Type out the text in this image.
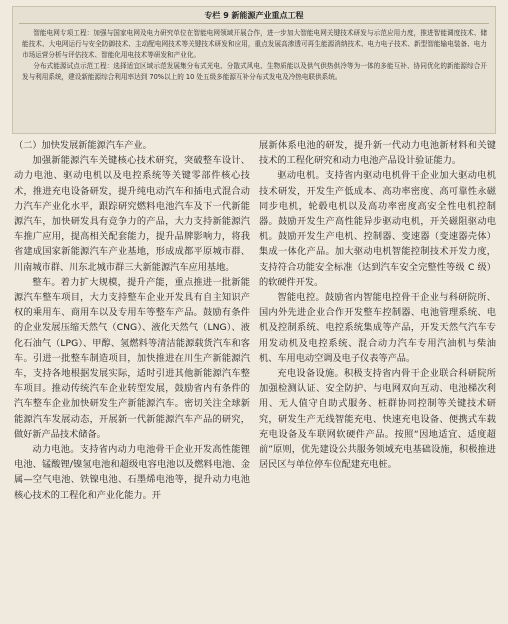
专栏 9 新能源产业重点工程

智能电网专项工程：加强与国家电网及电力研究单位在智能电网领域开展合作，进一步加大智能电网关键技术研发与示范应用力度，推进智能调度技术、储能技术、大电网运行与安全防御技术、主动配电网技术等关键技术研发和应用，重点发展高渗透可再生能源消纳技术、电力电子技术、新型智能输电装备、电力市场运营分析与评估技术、智能化用电技术等研发和产业化。

分布式能源试点示范工程：选择适宜区域示范发展集分布式光电、分散式风电、生物质能以及供气供热供冷等为一体的多能互补、协同优化的新能源综合开发与利用系统，建设新能源综合利用率达到 70%以上的 10 处五级多能源互补分布式发电及冷热电联供系统。

（二）加快发展新能源汽车产业。

加强新能源汽车关键核心技术研究，突破整车设计、动力电池、驱动电机以及电控系统等关键零部件核心技术，推进充电设备研发，提升纯电动汽车和插电式混合动力汽车产业化水平，跟踪研究燃料电池汽车及下一代新能源汽车，加快研发具有竞争力的产品，大力支持新能源汽车推广应用，提高相关配套能力，提升品牌影响力，将我省建成国家新能源汽车产业基地，形成成都平原城市群、川南城市群、川东北城市群三大新能源汽车应用基地。

整车。着力扩大规模，提升产能，重点推进一批新能源汽车整车项目，大力支持整车企业开发具有自主知识产权的乘用车、商用车以及专用车等整车产品。鼓励有条件的企业发展压缩天然气（CNG）、液化天然气（LNG）、液化石油气（LPG）、甲醇、氢燃料等清洁能源载货汽车和客车。引进一批整车制造项目，加快推进在川生产新能源汽车，支持各地根据发展实际，适时引进其他新能源汽车整车项目。推动传统汽车企业转型发展，鼓励省内有条件的汽车整车企业加快研发生产新能源汽车。密切关注全球新能源汽车发展动态，开展新一代新能源汽车产品的研究，做好新产品技术储备。

动力电池。支持省内动力电池骨干企业开发高性能锂电池、锰酸锂/镍氢电池和超级电容电池以及燃料电池、金属—空气电池、铁镍电池、石墨烯电池等，提升动力电池核心技术的工程化和产业化能力。开

展新体系电池的研发，提升新一代动力电池新材料和关键技术的工程化研究和动力电池产品设计验证能力。

驱动电机。支持省内驱动电机骨干企业加大驱动电机技术研发，开发生产低成本、高功率密度、高可靠性永磁同步电机，轮毂电机以及高功率密度高安全性电机控制器。鼓励开发生产高性能异步驱动电机，开关磁阻驱动电机。鼓励开发生产电机、控制器、变速器（变速器壳体）集成一体化产品。加大驱动电机智能控制技术开发力度，支持符合功能安全标准（达到汽车安全完整性等级 C 级）的软硬件开发。

智能电控。鼓励省内智能电控骨干企业与科研院所、国内外先进企业合作开发整车控制器、电池管理系统、电机及控制系统、电控系统集成等产品，开发天然气汽车专用发动机及电控系统、混合动力汽车专用汽油机与柴油机、车用电动空调及电子仪表等产品。

充电设备设施。积极支持省内骨干企业联合科研院所加强检测认证、安全防护、与电网双向互动、电池梯次利用、无人值守自助式服务、桩群协同控制等关键技术研究，研发生产无线智能充电、快速充电设备、便携式车载充电设备及车联网软硬件产品。按照“因地适宜、适度超前”原则，优先建设公共服务领域充电基础设施，积极推进居民区与单位停车位配建充电桩。
